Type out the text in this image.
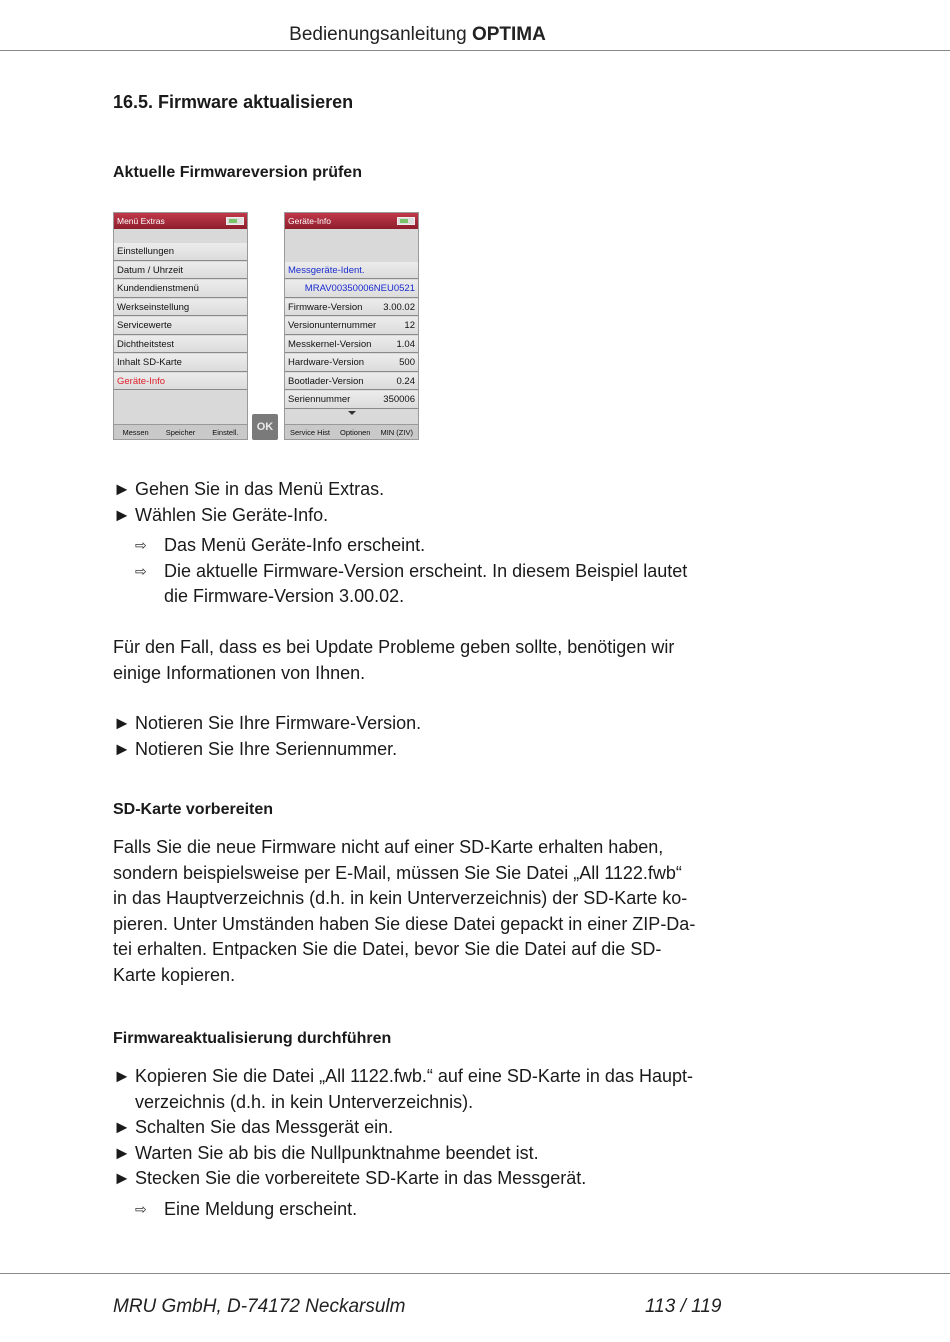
Bedienungsanleitung OPTIMA
16.5. Firmware aktualisieren
Aktuelle Firmwareversion prüfen
Menü Extras
Einstellungen
Datum / Uhrzeit
Kundendienstmenü
Werkseinstellung
Servicewerte
Dichtheitstest
Inhalt SD-Karte
Geräte-Info
Messen Speicher Einstell.	OK
Geräte-Info
Messgeräte-Ident.
MRAV00350006NEU0521
Firmware-Version 3.00.02
Versionunternummer	12
Messkernel-Version	1.04
Hardware-Version	500
Bootlader-Version	0.24
Seriennummer	350006
Service Hist Optionen MIN (ZIV)
► Gehen Sie in das Menü Extras.
► Wählen Sie Geräte-Info.
⇨ Das Menü Geräte-Info erscheint.
⇨ Die aktuelle Firmware-Version erscheint. In diesem Beispiel lautet
die Firmware-Version 3.00.02.
Für den Fall, dass es bei Update Probleme geben sollte, benötigen wir
einige Informationen von Ihnen.
► Notieren Sie Ihre Firmware-Version.
► Notieren Sie Ihre Seriennummer.
SD-Karte vorbereiten
Falls Sie die neue Firmware nicht auf einer SD-Karte erhalten haben,
sondern beispielsweise per E-Mail, müssen Sie Sie Datei „All 1122.fwb“
in das Hauptverzeichnis (d.h. in kein Unterverzeichnis) der SD-Karte ko-
pieren. Unter Umständen haben Sie diese Datei gepackt in einer ZIP-Da-
tei erhalten. Entpacken Sie die Datei, bevor Sie die Datei auf die SD-
Karte kopieren.
Firmwareaktualisierung durchführen
► Kopieren Sie die Datei „All 1122.fwb.“ auf eine SD-Karte in das Haupt-
verzeichnis (d.h. in kein Unterverzeichnis).
► Schalten Sie das Messgerät ein.
► Warten Sie ab bis die Nullpunktnahme beendet ist.
► Stecken Sie die vorbereitete SD-Karte in das Messgerät.
⇨ Eine Meldung erscheint.
MRU GmbH, D-74172 Neckarsulm	113 / 119
